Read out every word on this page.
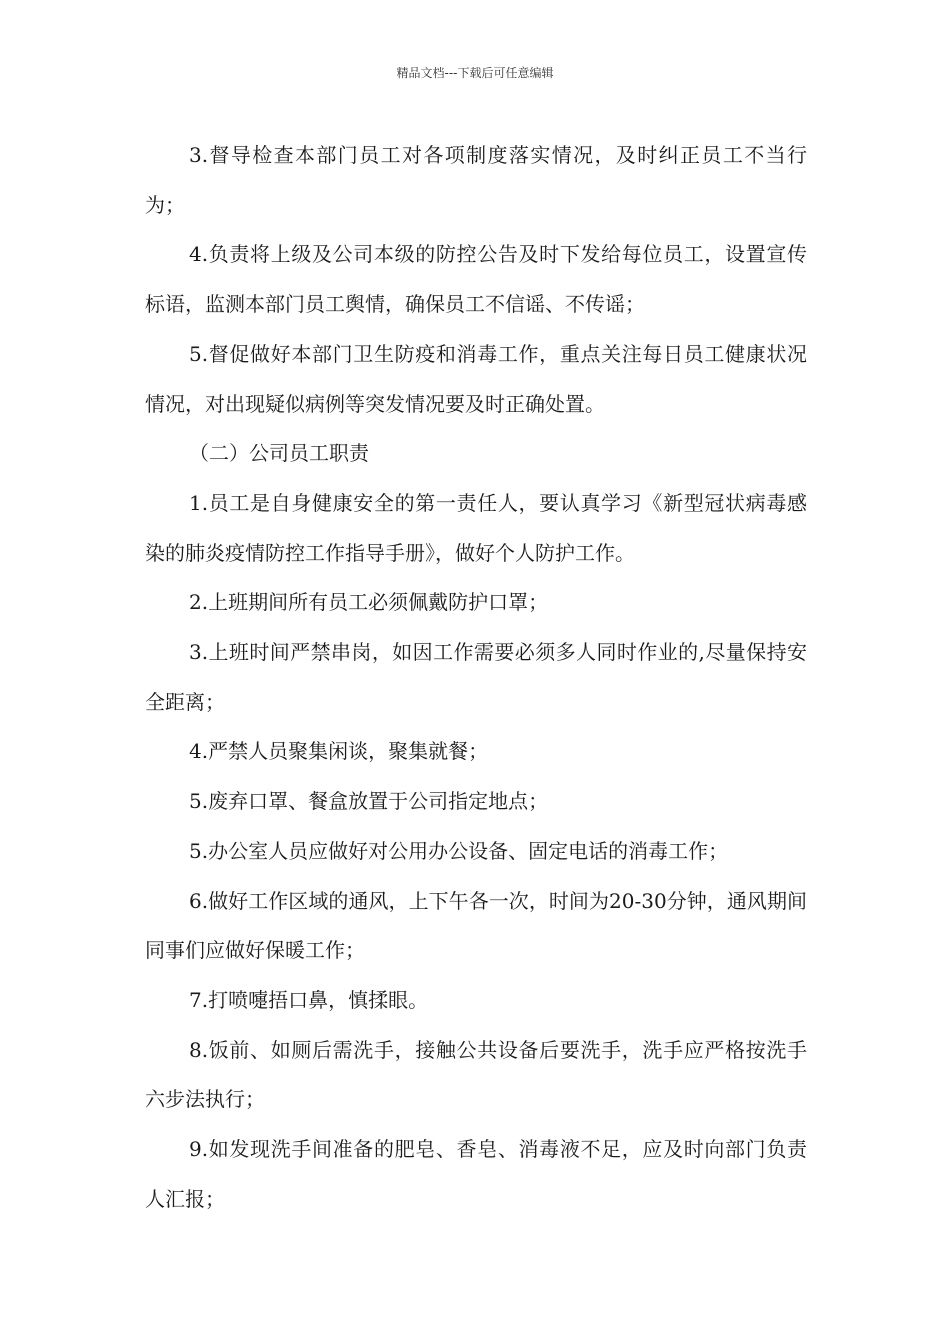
精品文档---下载后可任意编辑

3.督导检查本部门员工对各项制度落实情况，及时纠正员工不当行为；

4.负责将上级及公司本级的防控公告及时下发给每位员工，设置宣传标语，监测本部门员工舆情，确保员工不信谣、不传谣；

5.督促做好本部门卫生防疫和消毒工作，重点关注每日员工健康状况情况，对出现疑似病例等突发情况要及时正确处置。

（二）公司员工职责

1.员工是自身健康安全的第一责任人，要认真学习《新型冠状病毒感染的肺炎疫情防控工作指导手册》，做好个人防护工作。

2.上班期间所有员工必须佩戴防护口罩；

3.上班时间严禁串岗，如因工作需要必须多人同时作业的,尽量保持安全距离；

4.严禁人员聚集闲谈，聚集就餐；

5.废弃口罩、餐盒放置于公司指定地点；

5.办公室人员应做好对公用办公设备、固定电话的消毒工作；

6.做好工作区域的通风，上下午各一次，时间为20-30分钟，通风期间同事们应做好保暖工作；

7.打喷嚏捂口鼻，慎揉眼。

8.饭前、如厕后需洗手，接触公共设备后要洗手，洗手应严格按洗手六步法执行；

9.如发现洗手间准备的肥皂、香皂、消毒液不足，应及时向部门负责人汇报；
